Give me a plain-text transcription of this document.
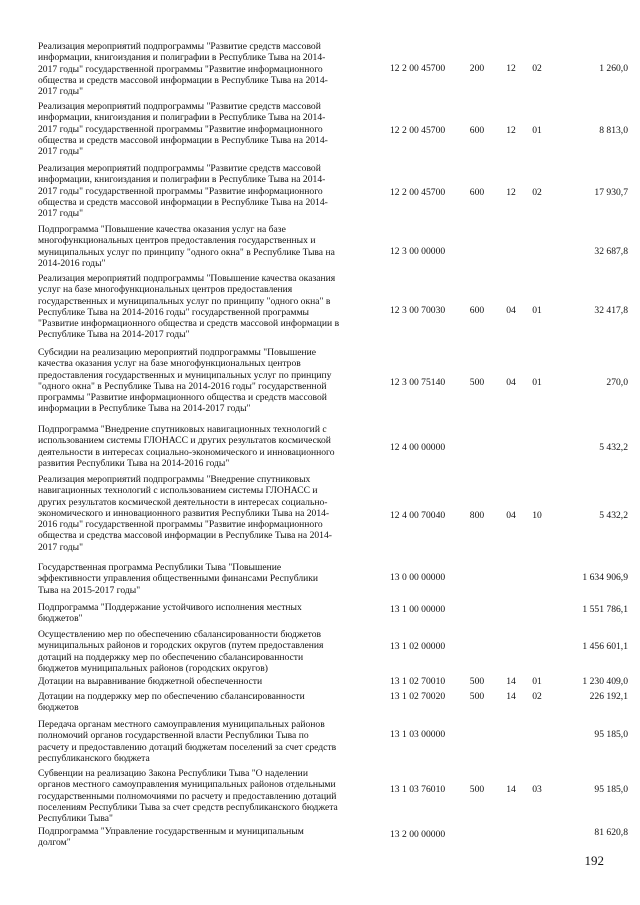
Реализация мероприятий подпрограммы "Развитие средств массовой
информации, книгоиздания и полиграфии в Республике Тыва на 2014-
2017 годы" государственной программы "Развитие информационного
общества и средств массовой информации в Республике Тыва на 2014-
2017 годы"
12 2 00 45700	200	12	02	1 260,0
Реализация мероприятий подпрограммы "Развитие средств массовой
информации, книгоиздания и полиграфии в Республике Тыва на 2014-
2017 годы" государственной программы "Развитие информационного
общества и средств массовой информации в Республике Тыва на 2014-
2017 годы"
12 2 00 45700	600	12	01	8 813,0
Реализация мероприятий подпрограммы "Развитие средств массовой
информации, книгоиздания и полиграфии в Республике Тыва на 2014-
2017 годы" государственной программы "Развитие информационного
общества и средств массовой информации в Республике Тыва на 2014-
2017 годы"
12 2 00 45700	600	12	02	17 930,7
Подпрограмма "Повышение качества оказания услуг на базе
многофункциональных центров предоставления государственных и
муниципальных услуг по принципу "одного окна" в Республике Тыва на
2014-2016 годы"
12 3 00 00000	32 687,8
Реализация мероприятий подпрограммы "Повышение качества оказания
услуг на базе многофункциональных центров предоставления
государственных и муниципальных услуг по принципу "одного окна" в
Республике Тыва на 2014-2016 годы" государственной программы
"Развитие информационного общества и средств массовой информации в
Республике Тыва на 2014-2017 годы"
12 3 00 70030	600	04	01	32 417,8
Субсидии на реализацию мероприятий подпрограммы "Повышение
качества оказания услуг на базе многофункциональных центров
предоставления государственных и муниципальных услуг по принципу
"одного окна" в Республике Тыва на 2014-2016 годы" государственной
программы "Развитие информационного общества и средств массовой
информации в Республике Тыва на 2014-2017 годы"
12 3 00 75140	500	04	01	270,0
Подпрограмма "Внедрение спутниковых навигационных технологий с
использованием системы ГЛОНАСС и других результатов космической
деятельности в интересах социально-экономического и инновационного
развития Республики Тыва на 2014-2016 годы"
12 4 00 00000	5 432,2
Реализация мероприятий подпрограммы "Внедрение спутниковых
навигационных технологий с использованием системы ГЛОНАСС и
других результатов космической деятельности в интересах социально-
экономического и инновационного развития Республики Тыва на 2014-
2016 годы" государственной программы "Развитие информационного
общества и средства массовой информации в Республике Тыва на 2014-
2017 годы"
12 4 00 70040	800	04	10	5 432,2
Государственная программа Республики Тыва "Повышение
эффективности управления общественными финансами Республики
Тыва на 2015-2017 годы"
13 0 00 00000	1 634 906,9
Подпрограмма "Поддержание устойчивого исполнения местных
бюджетов"
13 1 00 00000	1 551 786,1
Осуществлению мер по обеспечению сбалансированности бюджетов
муниципальных районов и городских округов (путем предоставления
дотаций на поддержку мер по обеспечению сбалансированности
бюджетов муниципальных районов (городских округов)
13 1 02 00000	1 456 601,1
Дотации на выравнивание бюджетной обеспеченности	13 1 02 70010	500	14	01	1 230 409,0
Дотации на поддержку мер по обеспечению сбалансированности
бюджетов
13 1 02 70020	500	14	02	226 192,1
Передача органам местного самоуправления муниципальных районов
полномочий органов государственной власти Республики Тыва по
расчету и предоставлению дотаций бюджетам поселений за счет средств
республиканского бюджета
13 1 03 00000	95 185,0
Субвенции на реализацию Закона Республики Тыва "О наделении
органов местного самоуправления муниципальных районов отдельными
государственными полномочиями по расчету и предоставлению дотаций
поселениям Республики Тыва за счет средств республиканского бюджета
Республики Тыва"
13 1 03 76010	500	14	03	95 185,0
Подпрограмма "Управление государственным и муниципальным
долгом"
13 2 00 00000	81 620,8
192
